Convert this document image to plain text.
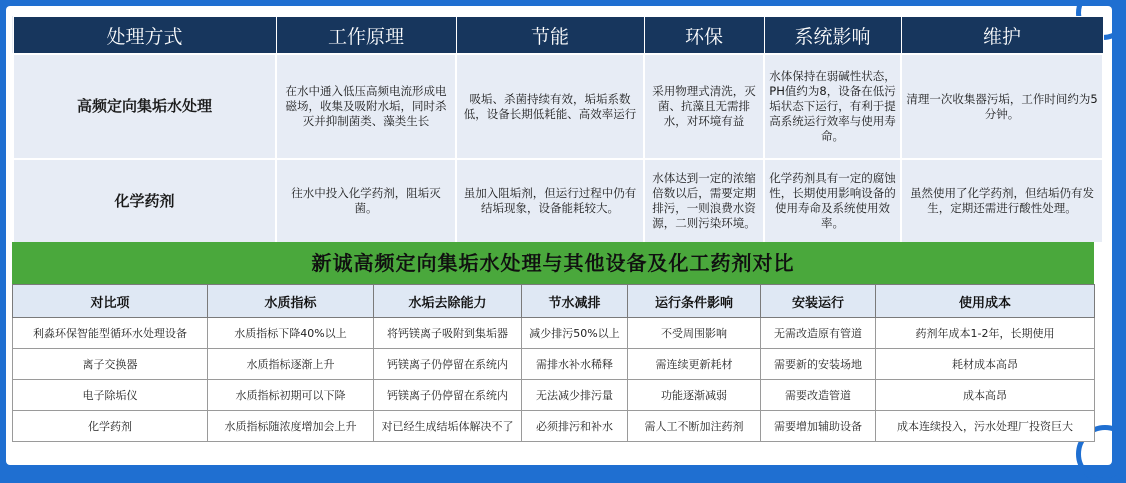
处理方式	工作原理	节能	环保	系统影响	维护
高频定向集垢水处理	在水中通入低压高频电流形成电磁场，收集及吸附水垢，同时杀灭并抑制菌类、藻类生长	吸垢、杀菌持续有效，垢垢系数低，设备长期低耗能、高效率运行	采用物理式清洗，灭菌、抗藻且无需排水，对环境有益	水体保持在弱碱性状态，PH值约为8，设备在低污垢状态下运行，有利于提高系统运行效率与使用寿命。	清理一次收集器污垢，工作时间约为5分钟。
化学药剂	往水中投入化学药剂，阻垢灭菌。	虽加入阻垢剂，但运行过程中仍有结垢现象，设备能耗较大。	水体达到一定的浓缩倍数以后，需要定期排污，一则浪费水资源，二则污染环境。	化学药剂具有一定的腐蚀性，长期使用影响设备的使用寿命及系统使用效率。	虽然使用了化学药剂，但结垢仍有发生，定期还需进行酸性处理。
新诚高频定向集垢水处理与其他设备及化工药剂对比
对比项	水质指标	水垢去除能力	节水减排	运行条件影响	安装运行	使用成本
利淼环保智能型循环水处理设备	水质指标下降40%以上	将钙镁离子吸附到集垢器	减少排污50%以上	不受周围影响	无需改造原有管道	药剂年成本1-2年，长期使用
离子交换器	水质指标逐渐上升	钙镁离子仍停留在系统内	需排水补水稀释	需连续更新耗材	需要新的安装场地	耗材成本高昂
电子除垢仪	水质指标初期可以下降	钙镁离子仍停留在系统内	无法减少排污量	功能逐渐减弱	需要改造管道	成本高昂
化学药剂	水质指标随浓度增加会上升	对已经生成结垢体解决不了	必须排污和补水	需人工不断加注药剂	需要增加辅助设备	成本连续投入，污水处理厂投资巨大
